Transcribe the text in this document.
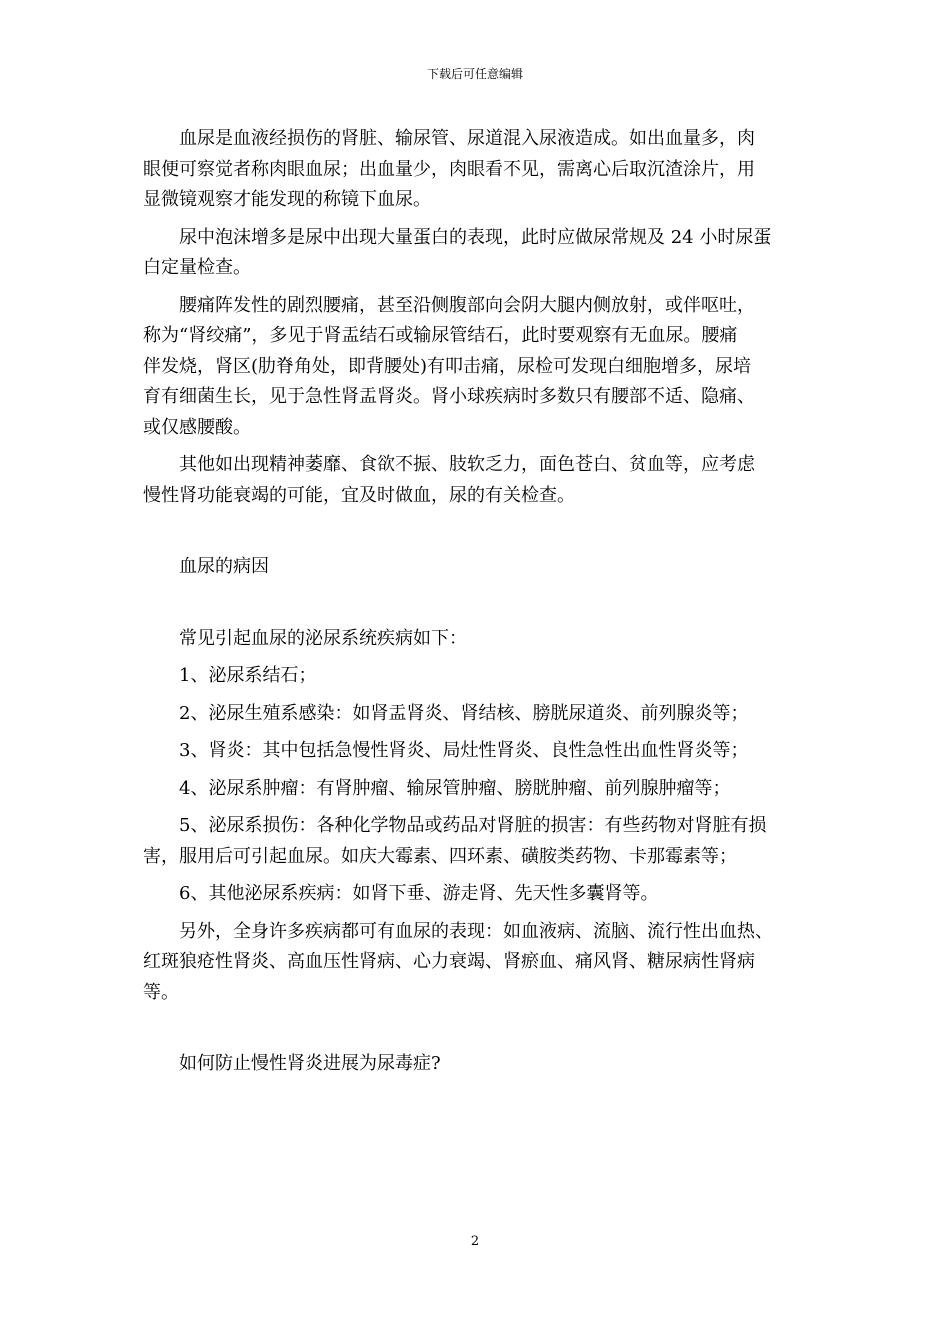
下载后可任意编辑

血尿是血液经损伤的肾脏、输尿管、尿道混入尿液造成。如出血量多，肉
眼便可察觉者称肉眼血尿；出血量少，肉眼看不见，需离心后取沉渣涂片，用
显微镜观察才能发现的称镜下血尿。

尿中泡沫增多是尿中出现大量蛋白的表现，此时应做尿常规及 24 小时尿蛋
白定量检查。

腰痛阵发性的剧烈腰痛，甚至沿侧腹部向会阴大腿内侧放射，或伴呕吐，
称为“肾绞痛”，多见于肾盂结石或输尿管结石，此时要观察有无血尿。腰痛
伴发烧，肾区(肋脊角处，即背腰处)有叩击痛，尿检可发现白细胞增多，尿培
育有细菌生长，见于急性肾盂肾炎。肾小球疾病时多数只有腰部不适、隐痛、
或仅感腰酸。

其他如出现精神萎靡、食欲不振、肢软乏力，面色苍白、贫血等，应考虑
慢性肾功能衰竭的可能，宜及时做血，尿的有关检查。

血尿的病因

常见引起血尿的泌尿系统疾病如下：

1、泌尿系结石；

2、泌尿生殖系感染：如肾盂肾炎、肾结核、膀胱尿道炎、前列腺炎等；

3、肾炎：其中包括急慢性肾炎、局灶性肾炎、良性急性出血性肾炎等；

4、泌尿系肿瘤：有肾肿瘤、输尿管肿瘤、膀胱肿瘤、前列腺肿瘤等；

5、泌尿系损伤：各种化学物品或药品对肾脏的损害：有些药物对肾脏有损
害，服用后可引起血尿。如庆大霉素、四环素、磺胺类药物、卡那霉素等；

6、其他泌尿系疾病：如肾下垂、游走肾、先天性多囊肾等。

另外，全身许多疾病都可有血尿的表现：如血液病、流脑、流行性出血热、
红斑狼疮性肾炎、高血压性肾病、心力衰竭、肾瘀血、痛风肾、糖尿病性肾病
等。

如何防止慢性肾炎进展为尿毒症?

2
